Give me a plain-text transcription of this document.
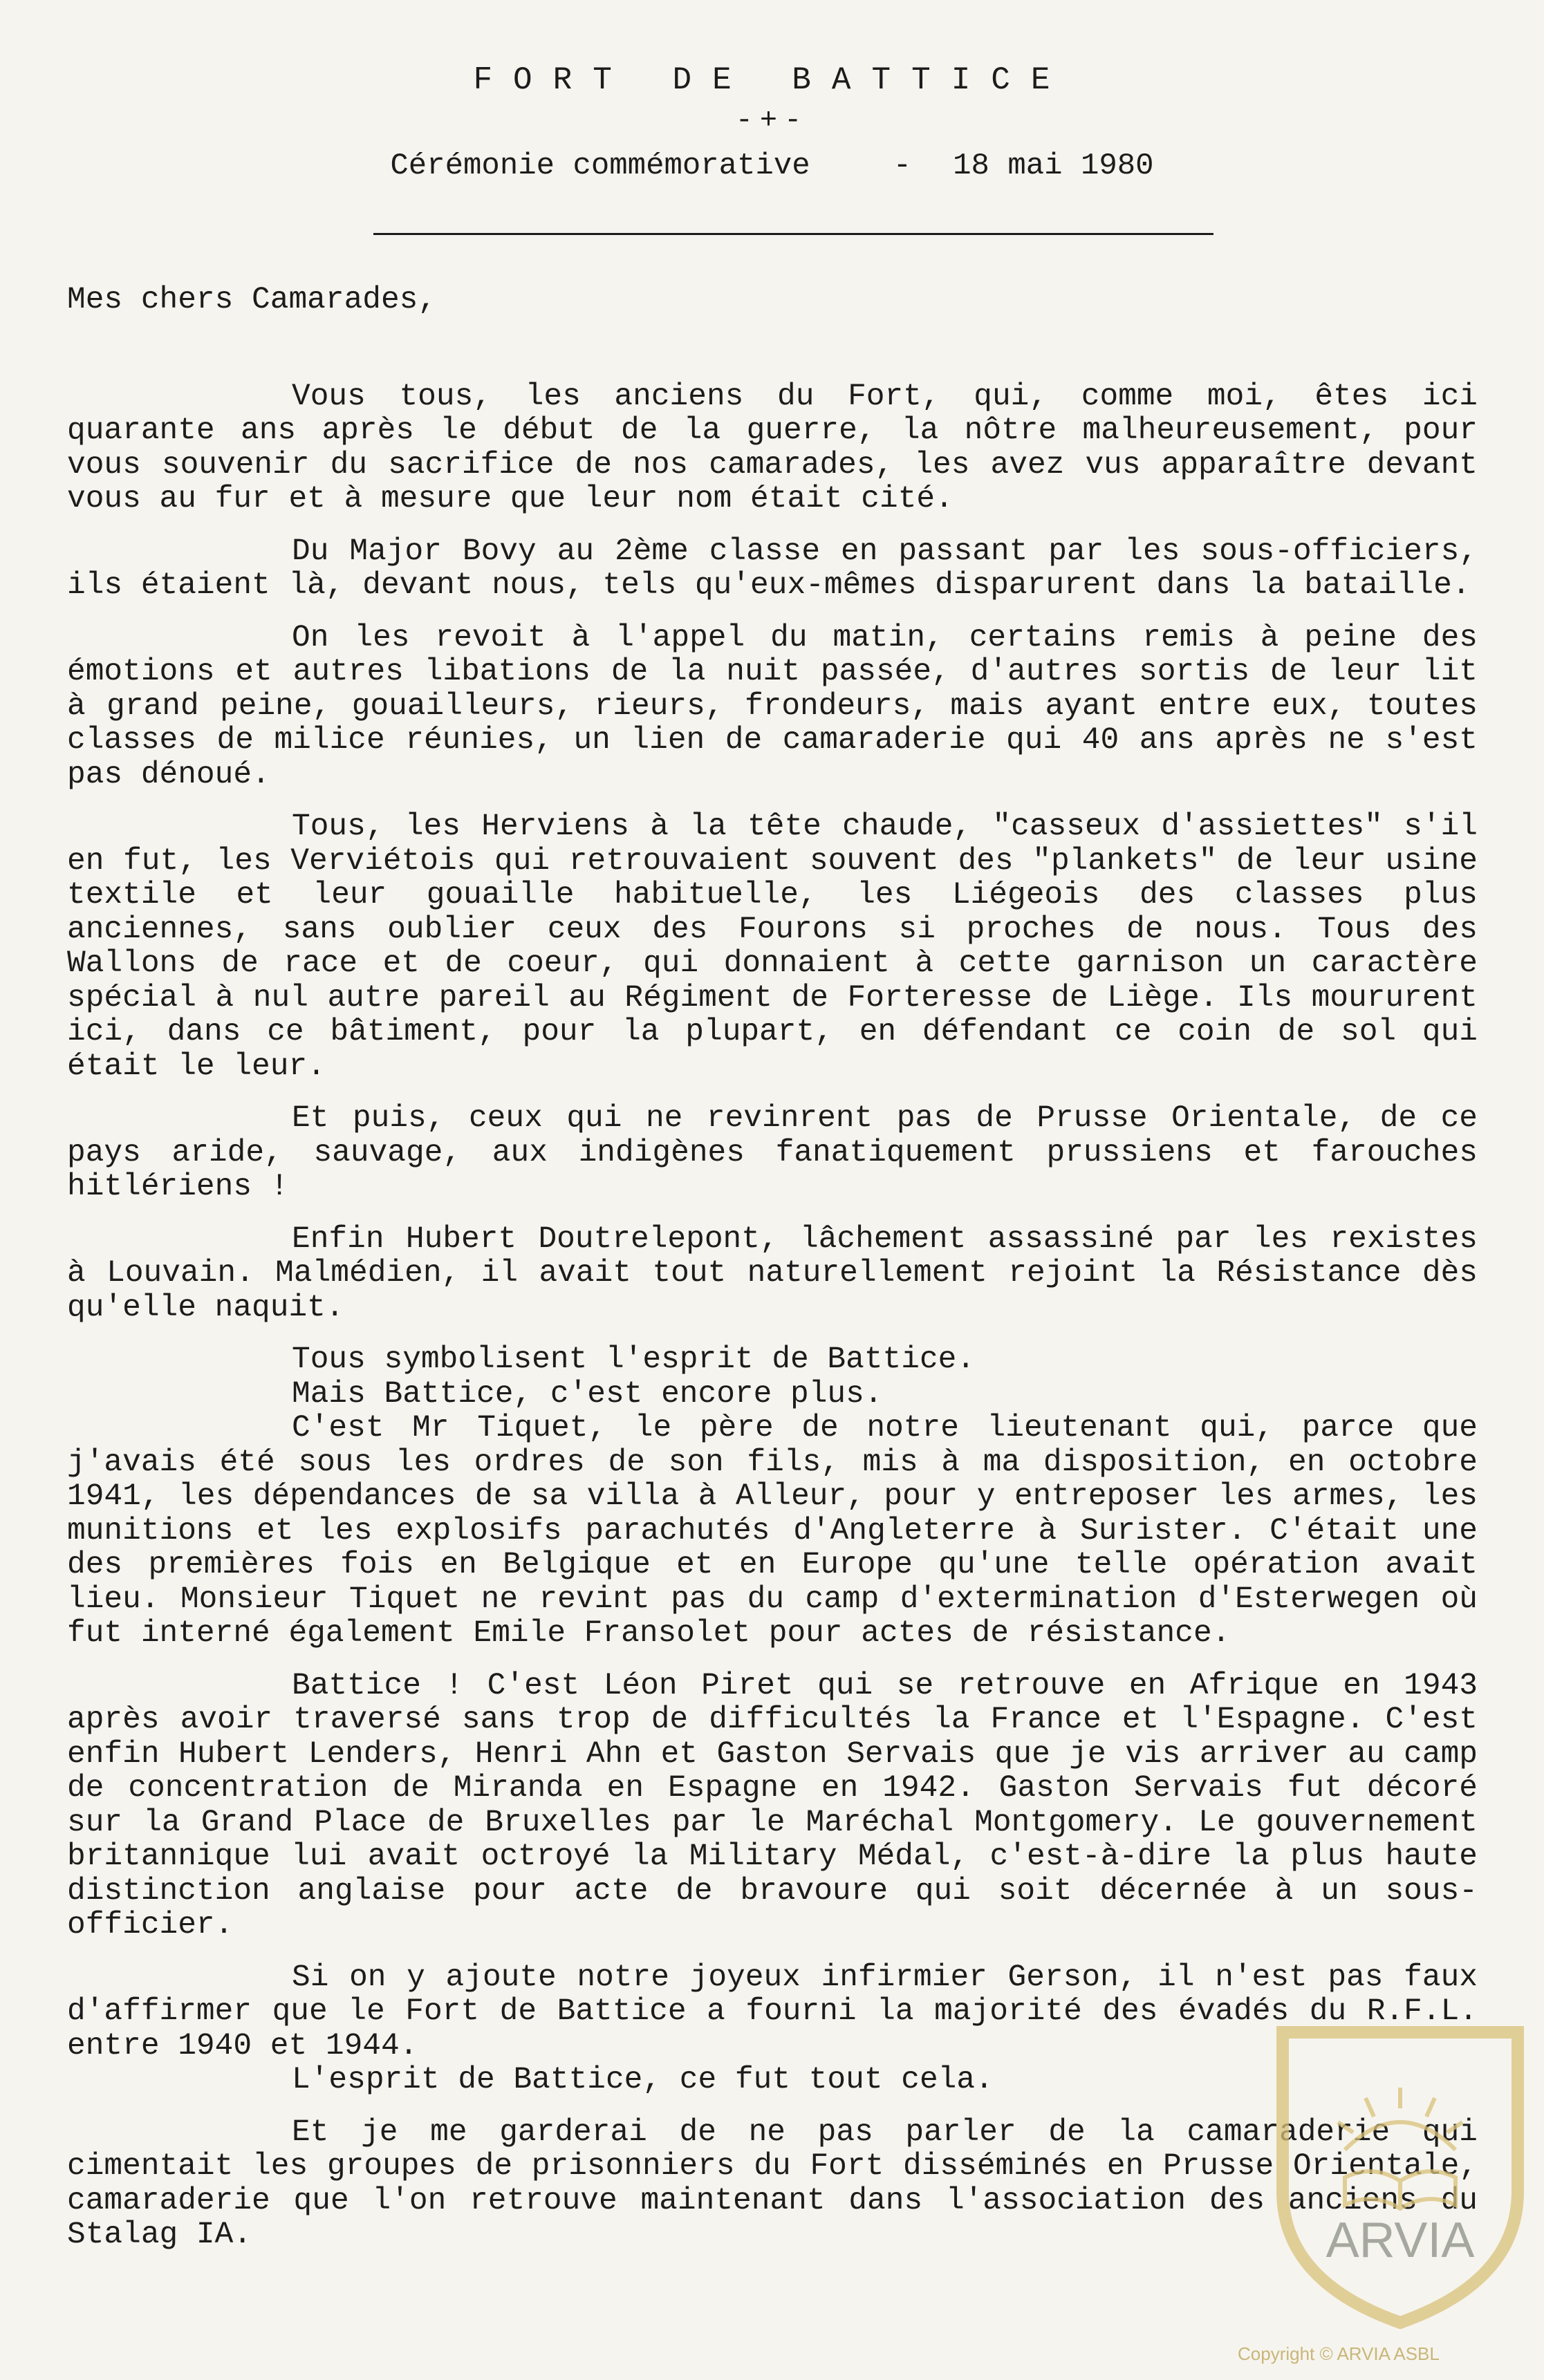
FORT DE BATTICE
-+-
Cérémonie commémorative	- 18 mai 1980

Mes chers Camarades,

Vous tous, les anciens du Fort, qui, comme moi, êtes ici quarante ans après le début de la guerre, la nôtre malheureusement, pour vous souvenir du sacrifice de nos camarades, les avez vus apparaître devant vous au fur et à mesure que leur nom était cité.

Du Major Bovy au 2ème classe en passant par les sous-officiers, ils étaient là, devant nous, tels qu'eux-mêmes disparurent dans la bataille.

On les revoit à l'appel du matin, certains remis à peine des émotions et autres libations de la nuit passée, d'autres sortis de leur lit à grand peine, gouailleurs, rieurs, frondeurs, mais ayant entre eux, toutes classes de milice réunies, un lien de camaraderie qui 40 ans après ne s'est pas dénoué.

Tous, les Herviens à la tête chaude, "casseux d'assiettes" s'il en fut, les Verviétois qui retrouvaient souvent des "plankets" de leur usine textile et leur gouaille habituelle, les Liégeois des classes plus anciennes, sans oublier ceux des Fourons si proches de nous. Tous des Wallons de race et de coeur, qui donnaient à cette garnison un caractère spécial à nul autre pareil au Régiment de Forteresse de Liège. Ils moururent ici, dans ce bâtiment, pour la plupart, en défendant ce coin de sol qui était le leur.

Et puis, ceux qui ne revinrent pas de Prusse Orientale, de ce pays aride, sauvage, aux indigènes fanatiquement prussiens et farouches hitlériens !

Enfin Hubert Doutrelepont, lâchement assassiné par les rexistes à Louvain. Malmédien, il avait tout naturellement rejoint la Résistance dès qu'elle naquit.

Tous symbolisent l'esprit de Battice.

Mais Battice, c'est encore plus.

C'est Mr Tiquet, le père de notre lieutenant qui, parce que j'avais été sous les ordres de son fils, mis à ma disposition, en octobre 1941, les dépendances de sa villa à Alleur, pour y entreposer les armes, les munitions et les explosifs parachutés d'Angleterre à Surister. C'était une des premières fois en Belgique et en Europe qu'une telle opération avait lieu. Monsieur Tiquet ne revint pas du camp d'extermination d'Esterwegen où fut interné également Emile Fransolet pour actes de résistance.

Battice ! C'est Léon Piret qui se retrouve en Afrique en 1943 après avoir traversé sans trop de difficultés la France et l'Espagne. C'est enfin Hubert Lenders, Henri Ahn et Gaston Servais que je vis arriver au camp de concentration de Miranda en Espagne en 1942. Gaston Servais fut décoré sur la Grand Place de Bruxelles par le Maréchal Montgomery. Le gouvernement britannique lui avait octroyé la Military Médal, c'est-à-dire la plus haute distinction anglaise pour acte de bravoure qui soit décernée à un sous-officier.

Si on y ajoute notre joyeux infirmier Gerson, il n'est pas faux d'affirmer que le Fort de Battice a fourni la majorité des évadés du R.F.L. entre 1940 et 1944.

L'esprit de Battice, ce fut tout cela.

Et je me garderai de ne pas parler de la camaraderie qui cimentait les groupes de prisonniers du Fort disséminés en Prusse Orientale, camaraderie que l'on retrouve maintenant dans l'association des anciens du Stalag IA.	ARVIA
Copyright © ARVIA ASBL
